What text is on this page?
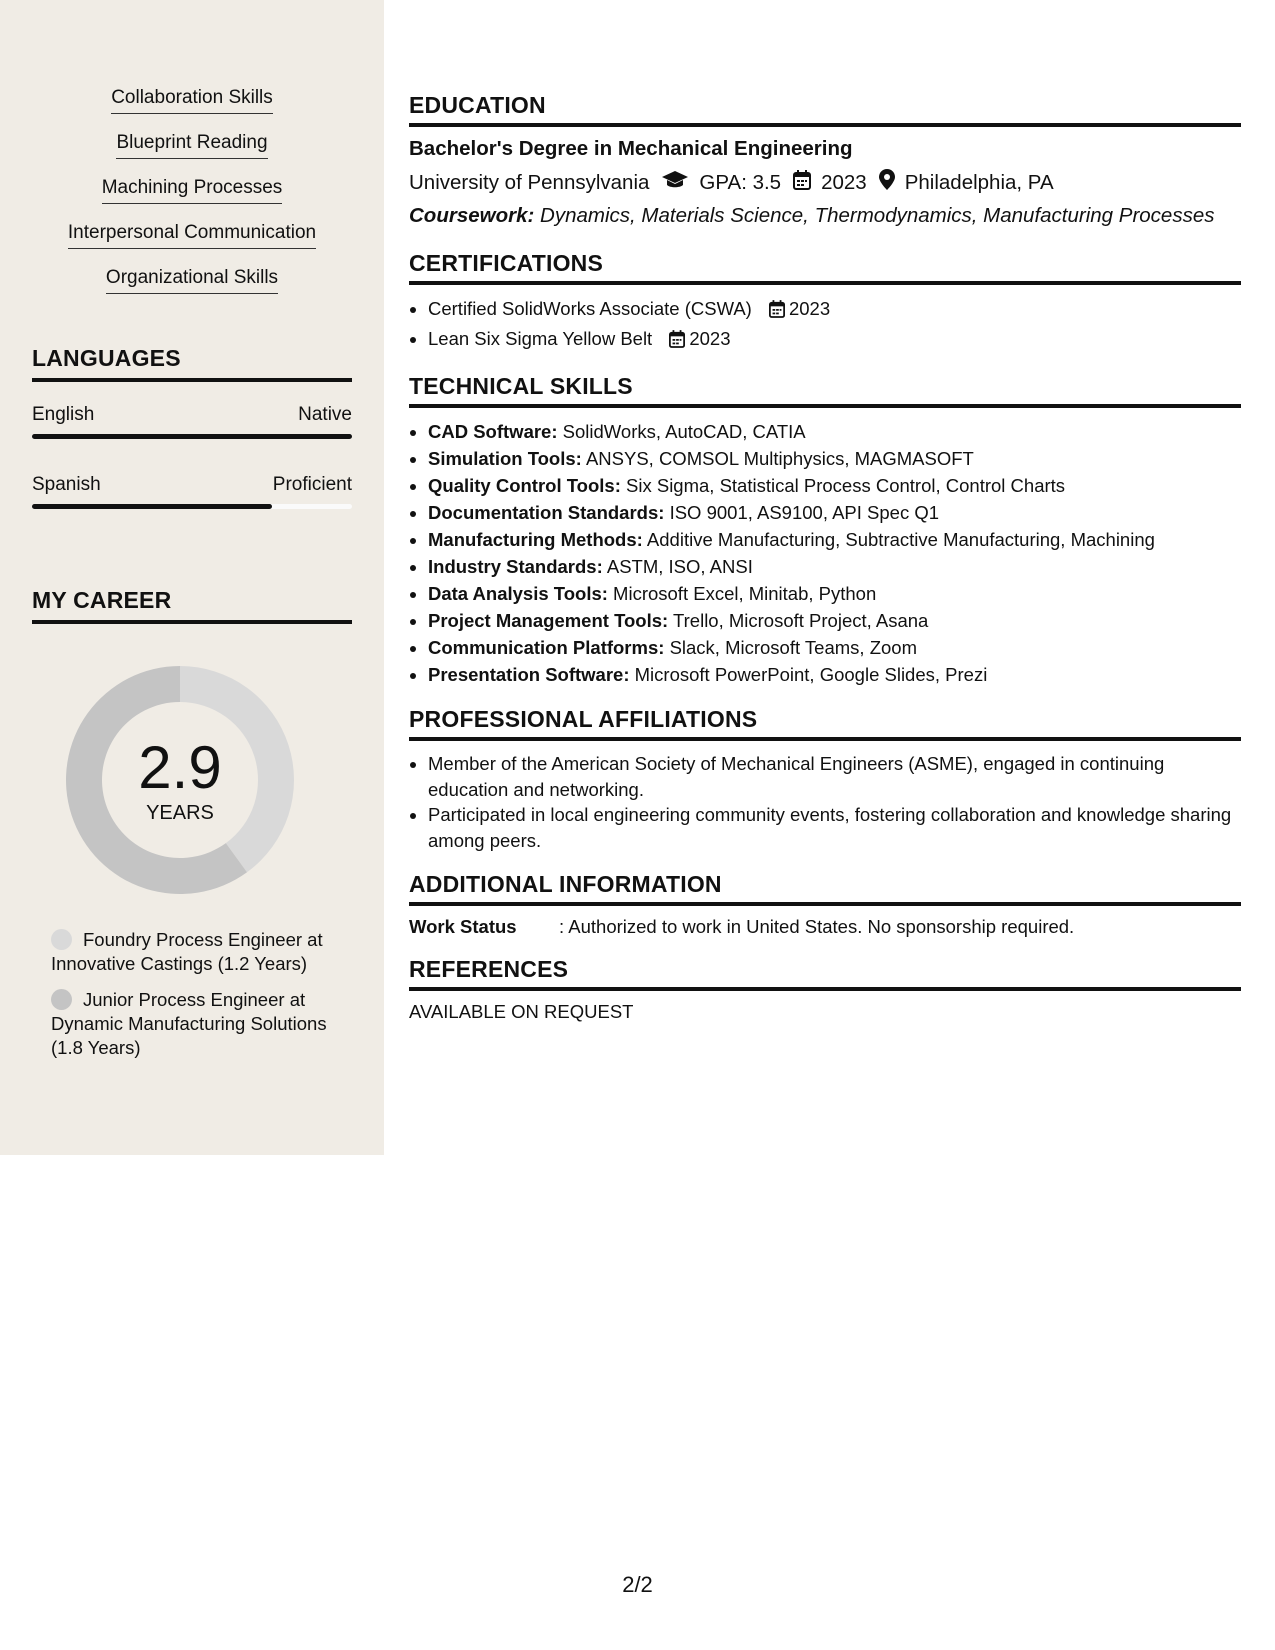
Collaboration Skills
Blueprint Reading
Machining Processes
Interpersonal Communication
Organizational Skills
LANGUAGES
English	Native
Spanish	Proficient
MY CAREER
2.9
YEARS
Foundry Process Engineer at Innovative Castings (1.2 Years)
Junior Process Engineer at Dynamic Manufacturing Solutions (1.8 Years)
EDUCATION
Bachelor's Degree in Mechanical Engineering
University of Pennsylvania GPA: 3.5 2023 Philadelphia, PA
Coursework: Dynamics, Materials Science, Thermodynamics, Manufacturing Processes
CERTIFICATIONS
• Certified SolidWorks Associate (CSWA) 2023
• Lean Six Sigma Yellow Belt 2023
TECHNICAL SKILLS
• CAD Software: SolidWorks, AutoCAD, CATIA
• Simulation Tools: ANSYS, COMSOL Multiphysics, MAGMASOFT
• Quality Control Tools: Six Sigma, Statistical Process Control, Control Charts
• Documentation Standards: ISO 9001, AS9100, API Spec Q1
• Manufacturing Methods: Additive Manufacturing, Subtractive Manufacturing, Machining
• Industry Standards: ASTM, ISO, ANSI
• Data Analysis Tools: Microsoft Excel, Minitab, Python
• Project Management Tools: Trello, Microsoft Project, Asana
• Communication Platforms: Slack, Microsoft Teams, Zoom
• Presentation Software: Microsoft PowerPoint, Google Slides, Prezi
PROFESSIONAL AFFILIATIONS
• Member of the American Society of Mechanical Engineers (ASME), engaged in continuing education and networking.
• Participated in local engineering community events, fostering collaboration and knowledge sharing among peers.
ADDITIONAL INFORMATION
Work Status	: Authorized to work in United States. No sponsorship required.
REFERENCES
AVAILABLE ON REQUEST
2/2
